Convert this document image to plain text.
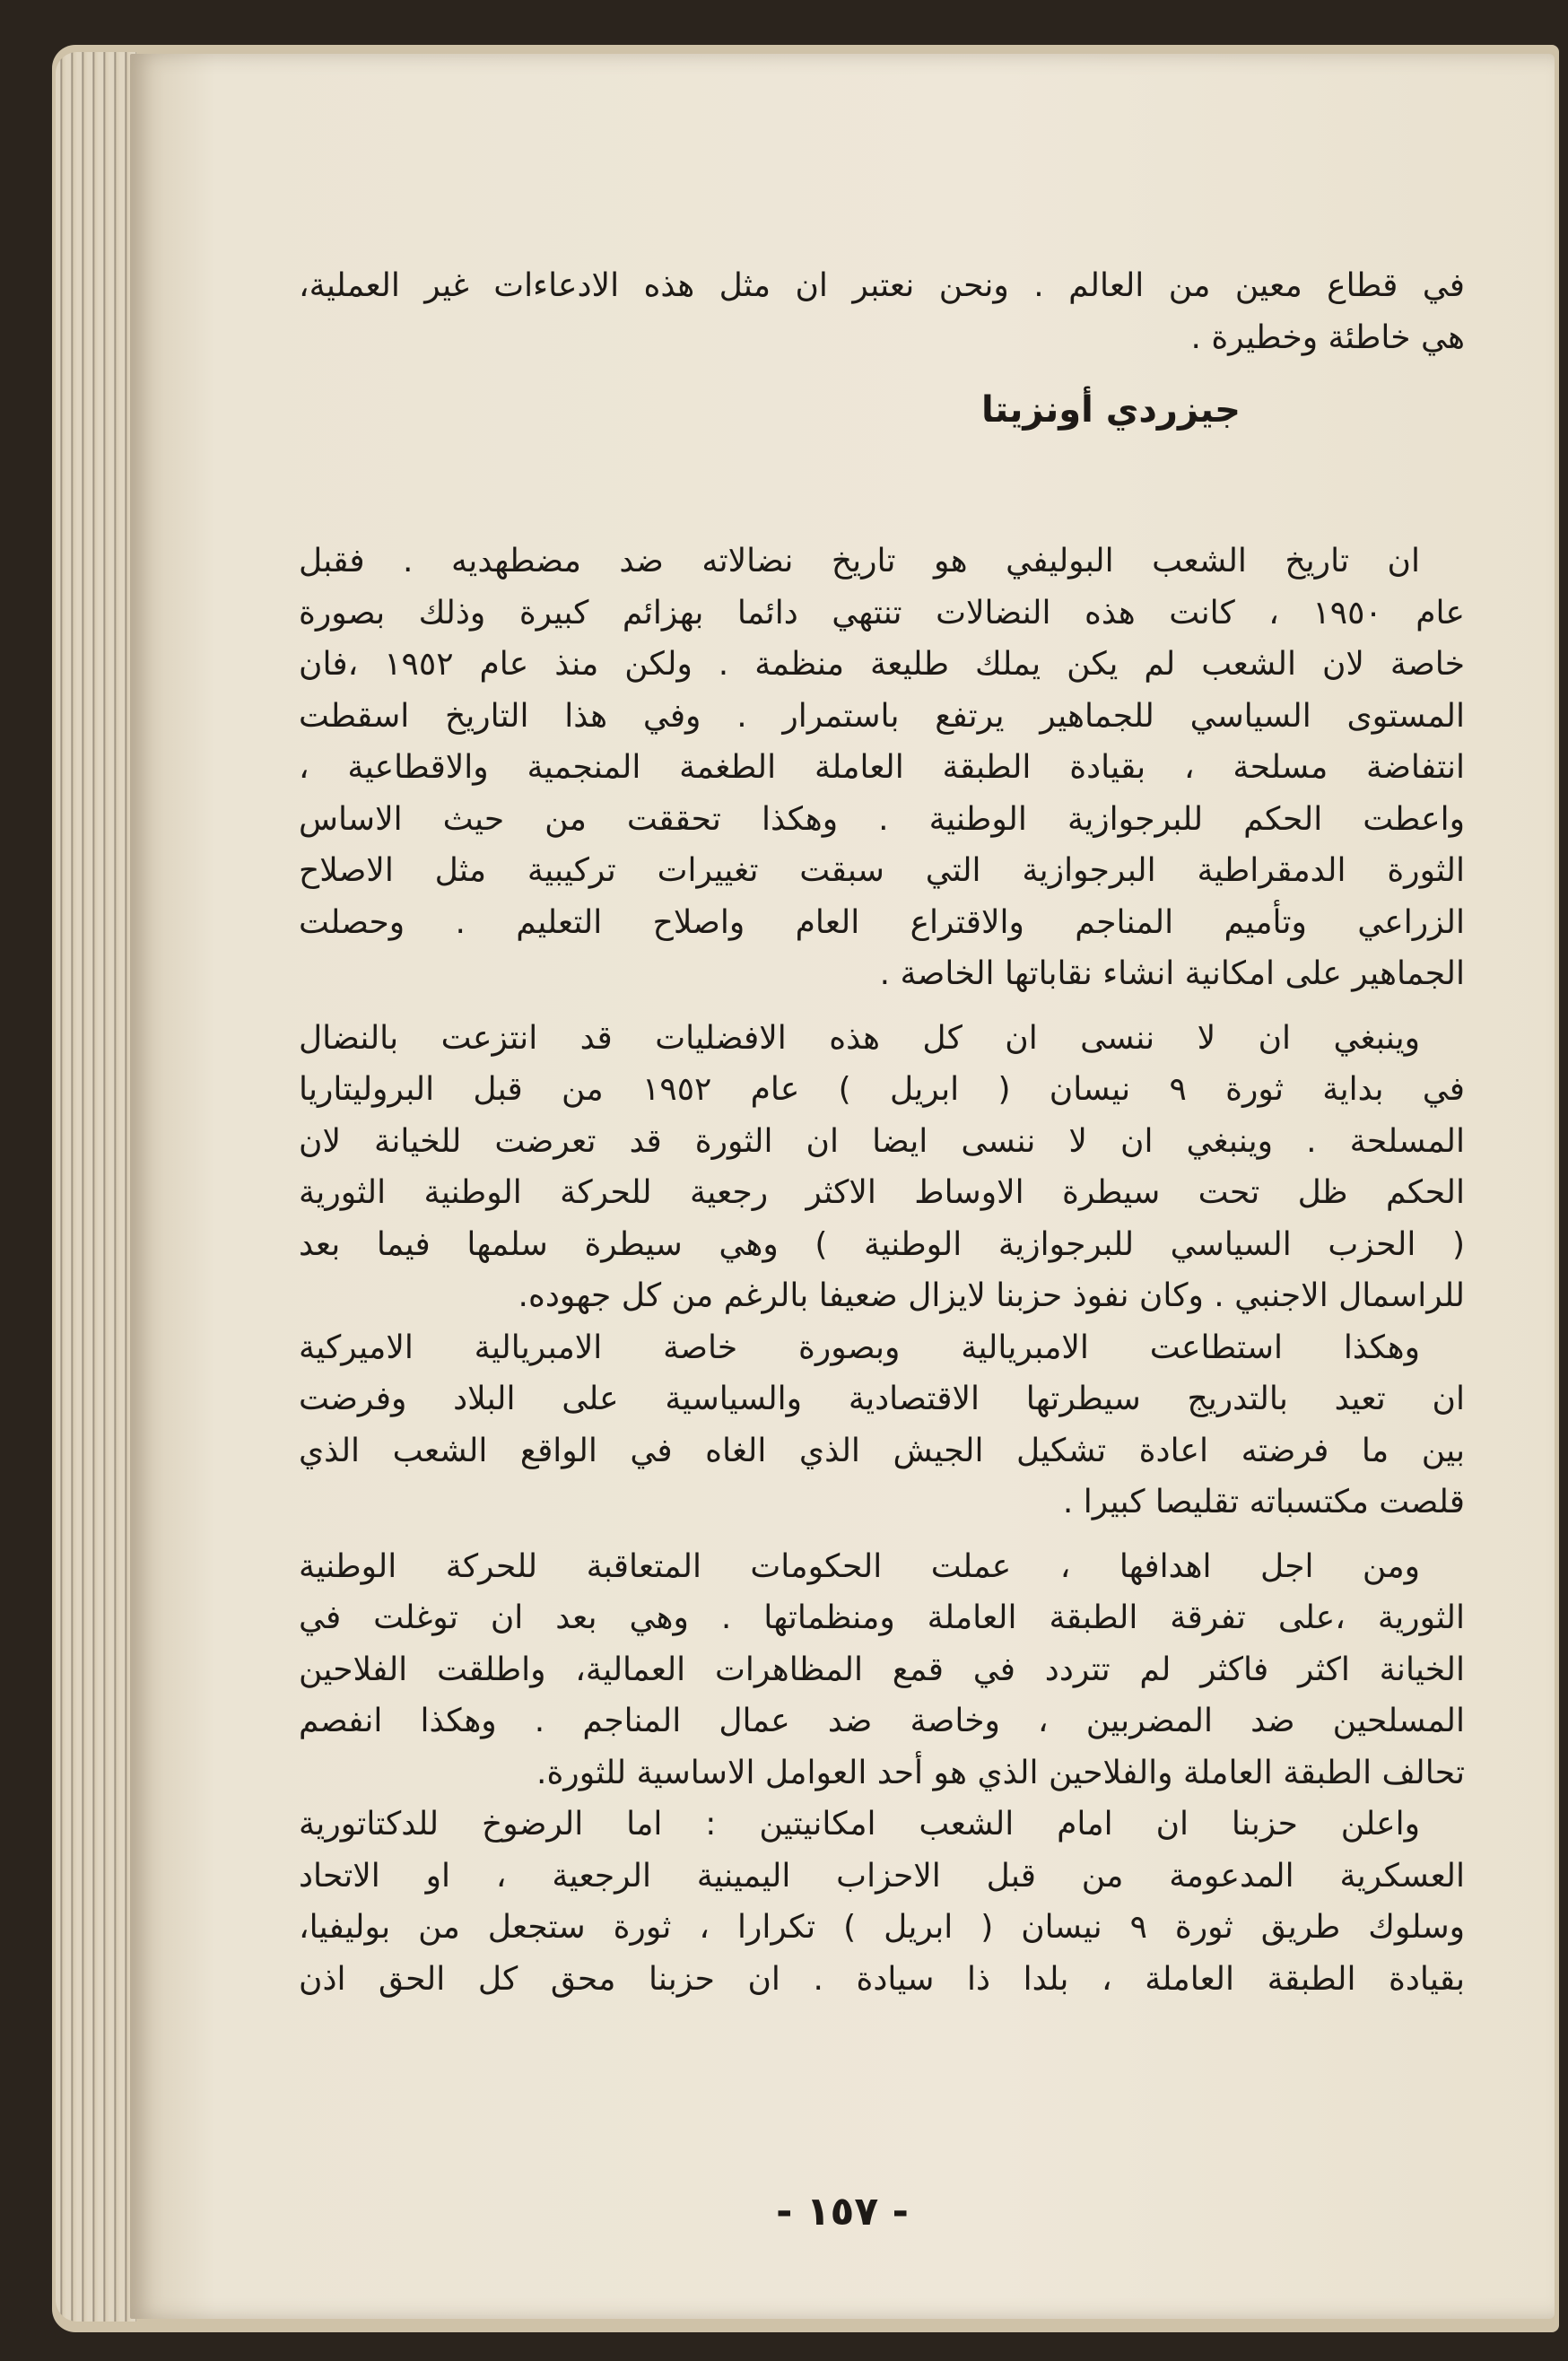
في قطاع معين من العالم . ونحن نعتبر ان مثل هذه الادعاءات غير العملية،
هي خاطئة وخطيرة .
جيزردي أونزيتا
ان تاريخ الشعب البوليفي هو تاريخ نضالاته ضد مضطهديه . فقبل
عام ١٩٥٠ ، كانت هذه النضالات تنتهي دائما بهزائم كبيرة وذلك بصورة
خاصة لان الشعب لم يكن يملك طليعة منظمة . ولكن منذ عام ١٩٥٢ ،فان
المستوى السياسي للجماهير يرتفع باستمرار . وفي هذا التاريخ اسقطت
انتفاضة مسلحة ، بقيادة الطبقة العاملة الطغمة المنجمية والاقطاعية ،
واعطت الحكم للبرجوازية الوطنية . وهكذا تحققت من حيث الاساس
الثورة الدمقراطية البرجوازية التي سبقت تغييرات تركيبية مثل الاصلاح
الزراعي وتأميم المناجم والاقتراع العام واصلاح التعليم . وحصلت
الجماهير على امكانية انشاء نقاباتها الخاصة .
وينبغي ان لا ننسى ان كل هذه الافضليات قد انتزعت بالنضال
في بداية ثورة ٩ نيسان ( ابريل ) عام ١٩٥٢ من قبل البروليتاريا
المسلحة . وينبغي ان لا ننسى ايضا ان الثورة قد تعرضت للخيانة لان
الحكم ظل تحت سيطرة الاوساط الاكثر رجعية للحركة الوطنية الثورية
( الحزب السياسي للبرجوازية الوطنية ) وهي سيطرة سلمها فيما بعد
للراسمال الاجنبي . وكان نفوذ حزبنا لايزال ضعيفا بالرغم من كل جهوده.
وهكذا استطاعت الامبريالية وبصورة خاصة الامبريالية الاميركية
ان تعيد بالتدريج سيطرتها الاقتصادية والسياسية على البلاد وفرضت
بين ما فرضته اعادة تشكيل الجيش الذي الغاه في الواقع الشعب الذي
قلصت مكتسباته تقليصا كبيرا .
ومن اجل اهدافها ، عملت الحكومات المتعاقبة للحركة الوطنية
الثورية ،على تفرقة الطبقة العاملة ومنظماتها . وهي بعد ان توغلت في
الخيانة اكثر فاكثر لم تتردد في قمع المظاهرات العمالية، واطلقت الفلاحين
المسلحين ضد المضربين ، وخاصة ضد عمال المناجم . وهكذا انفصم
تحالف الطبقة العاملة والفلاحين الذي هو أحد العوامل الاساسية للثورة.
واعلن حزبنا ان امام الشعب امكانيتين : اما الرضوخ للدكتاتورية
العسكرية المدعومة من قبل الاحزاب اليمينية الرجعية ، او الاتحاد
وسلوك طريق ثورة ٩ نيسان ( ابريل ) تكرارا ، ثورة ستجعل من بوليفيا،
بقيادة الطبقة العاملة ، بلدا ذا سيادة . ان حزبنا محق كل الحق اذن
- ١٥٧ -
